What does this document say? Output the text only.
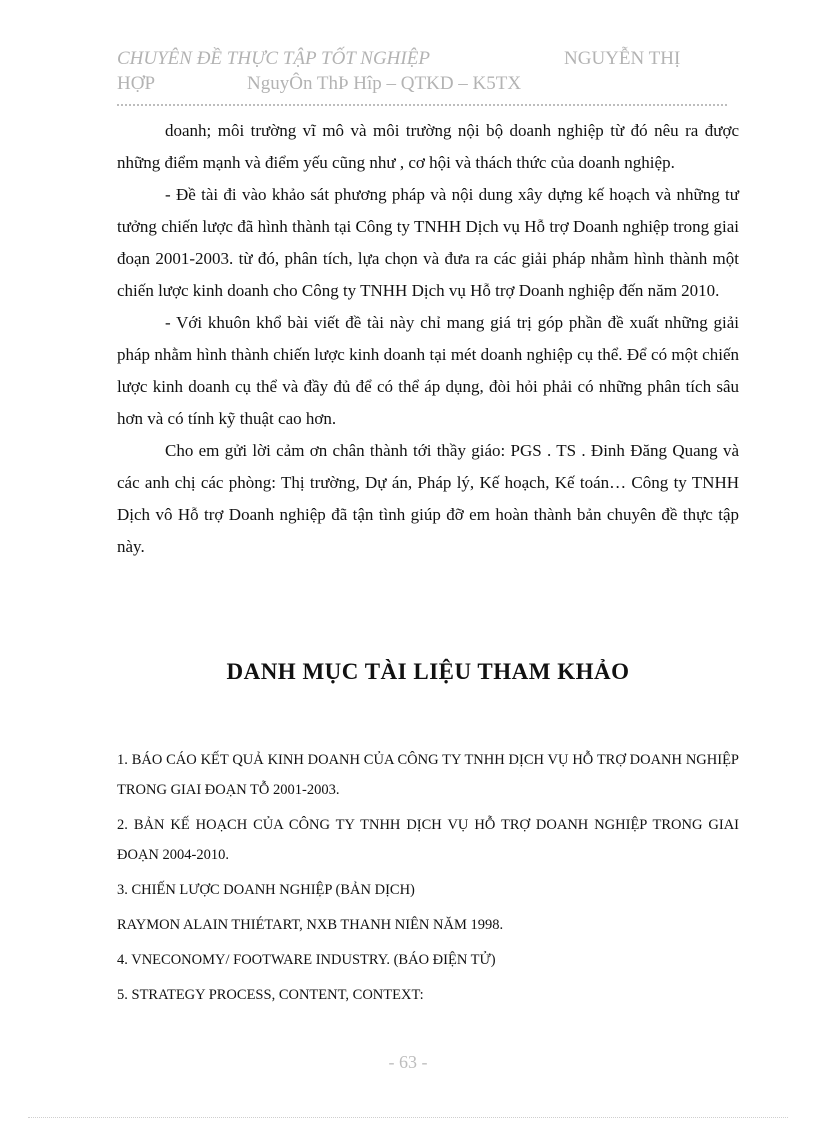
CHUYÊN ĐỀ THỰC TẬP TỐT NGHIỆP	NGUYỄN THỊ
HỢP	NguyÔn ThÞ Hîp – QTKD – K5TX

doanh; môi trường vĩ mô và môi trường nội bộ doanh nghiệp từ đó nêu ra được những điểm mạnh và điểm yếu cũng như , cơ hội và thách thức của doanh nghiệp.

- Đề tài đi vào khảo sát phương pháp và nội dung xây dựng kế hoạch và những tư tưởng chiến lược đã hình thành tại Công ty TNHH Dịch vụ Hỗ trợ Doanh nghiệp trong giai đoạn 2001-2003. từ đó, phân tích, lựa chọn và đưa ra các giải pháp nhằm hình thành một chiến lược kinh doanh cho Công ty TNHH Dịch vụ Hỗ trợ Doanh nghiệp đến năm 2010.

- Với khuôn khổ bài viết đề tài này chỉ mang giá trị góp phần đề xuất những giải pháp nhằm hình thành chiến lược kinh doanh tại mét doanh nghiệp cụ thể. Để có một chiến lược kinh doanh cụ thể và đầy đủ để có thể áp dụng, đòi hỏi phải có những phân tích sâu hơn và có tính kỹ thuật cao hơn.

Cho em gửi lời cảm ơn chân thành tới thầy giáo: PGS . TS . Đinh Đăng Quang và các anh chị các phòng: Thị trường, Dự án, Pháp lý, Kế hoạch, Kế toán… Công ty TNHH Dịch vô Hỗ trợ Doanh nghiệp đã tận tình giúp đỡ em hoàn thành bản chuyên đề thực tập này.

DANH MỤC TÀI LIỆU THAM KHẢO

1. BÁO CÁO KẾT QUẢ KINH DOANH CỦA CÔNG TY TNHH DỊCH VỤ HỖ TRỢ DOANH NGHIỆP TRONG GIAI ĐOẠN TỖ 2001-2003.

2. BẢN KẾ HOẠCH CỦA CÔNG TY TNHH DỊCH VỤ HỖ TRỢ DOANH NGHIỆP TRONG GIAI ĐOẠN 2004-2010.

3. CHIẾN LƯỢC DOANH NGHIỆP (BẢN DỊCH)

RAYMON ALAIN THIÉTART, NXB THANH NIÊN NĂM 1998.

4. VNECONOMY/ FOOTWARE INDUSTRY. (BÁO ĐIỆN TỬ)

5. STRATEGY PROCESS, CONTENT, CONTEXT:

- 63 -
